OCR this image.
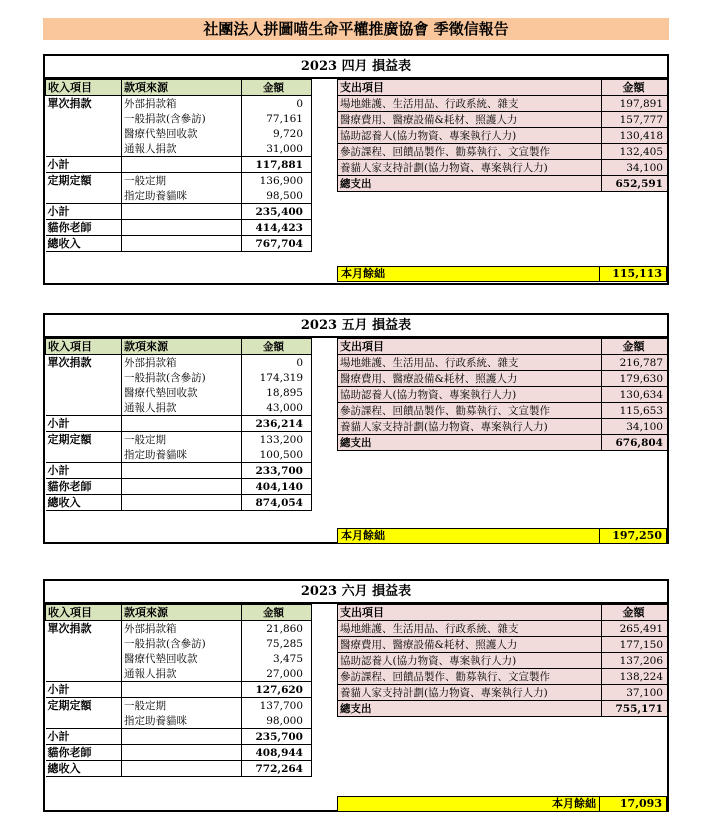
社團法人拼圖喵生命平權推廣協會 季徵信報告
2023 四月 損益表
收入項目	款項來源	金額
單次捐款	外部捐款箱	0
	一般捐款(含參訪)	77,161
	醫療代墊回收款	9,720
	通報人捐款	31,000
小計		117,881
定期定額	一般定期	136,900
	指定助養貓咪	98,500
小計		235,400
貓你老師		414,423
總收入		767,704
支出項目	金額
場地維護、生活用品、行政系統、雜支	197,891
醫療費用、醫療設備&耗材、照護人力	157,777
協助認養人(協力物資、專案執行人力)	130,418
參訪課程、回饋品製作、勸募執行、文宣製作	132,405
養貓人家支持計劃(協力物資、專案執行人力)	34,100
總支出	652,591
本月餘絀	115,113
2023 五月 損益表
收入項目	款項來源	金額
單次捐款	外部捐款箱	0
	一般捐款(含參訪)	174,319
	醫療代墊回收款	18,895
	通報人捐款	43,000
小計		236,214
定期定額	一般定期	133,200
	指定助養貓咪	100,500
小計		233,700
貓你老師		404,140
總收入		874,054
支出項目	金額
場地維護、生活用品、行政系統、雜支	216,787
醫療費用、醫療設備&耗材、照護人力	179,630
協助認養人(協力物資、專案執行人力)	130,634
參訪課程、回饋品製作、勸募執行、文宣製作	115,653
養貓人家支持計劃(協力物資、專案執行人力)	34,100
總支出	676,804
本月餘絀	197,250
2023 六月 損益表
收入項目	款項來源	金額
單次捐款	外部捐款箱	21,860
	一般捐款(含參訪)	75,285
	醫療代墊回收款	3,475
	通報人捐款	27,000
小計		127,620
定期定額	一般定期	137,700
	指定助養貓咪	98,000
小計		235,700
貓你老師		408,944
總收入		772,264
支出項目	金額
場地維護、生活用品、行政系統、雜支	265,491
醫療費用、醫療設備&耗材、照護人力	177,150
協助認養人(協力物資、專案執行人力)	137,206
參訪課程、回饋品製作、勸募執行、文宣製作	138,224
養貓人家支持計劃(協力物資、專案執行人力)	37,100
總支出	755,171
本月餘絀	17,093
